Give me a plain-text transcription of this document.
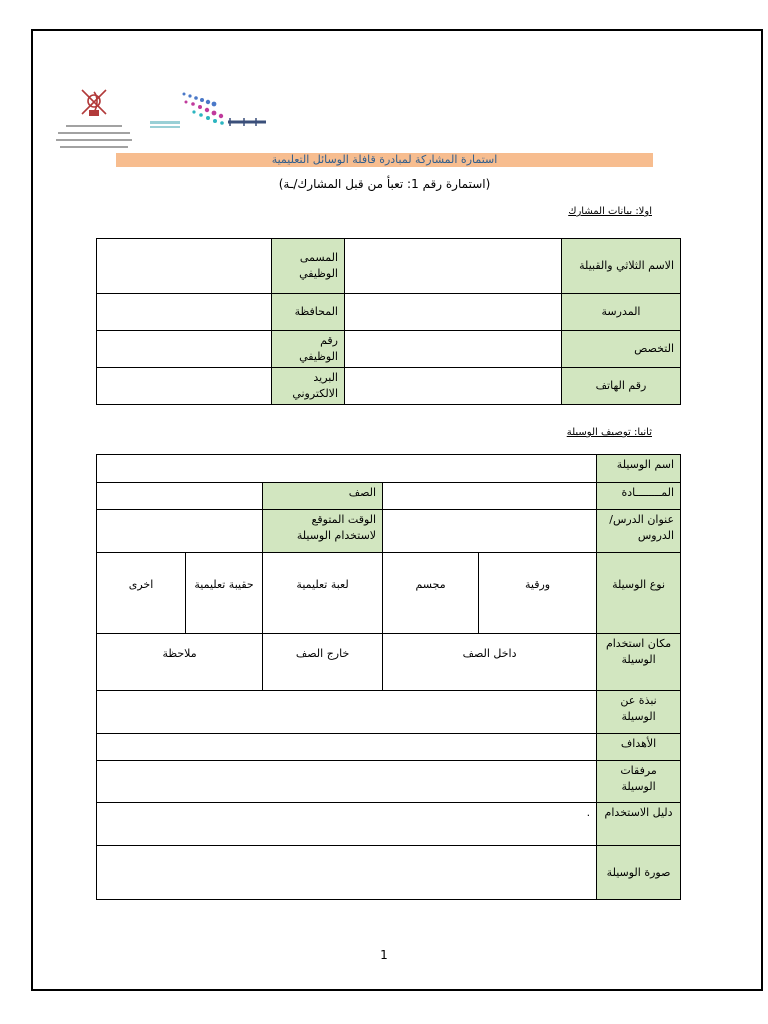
استمارة المشاركة لمبادرة قافلة الوسائل التعليمية
(استمارة رقم 1: تعبأ من قبل المشارك/ـة)
اولا: بيانات المشارك
الاسم الثلاثي والقبيلة		المسمى الوظيفي	
المدرسة		المحافظة	
التخصص		رقم الوظيفي	
رقم الهاتف		البريد الالكتروني	
ثانيا: توصيف الوسيلة
اسم الوسيلة					
المــــــــادة			الصف		
عنوان الدرس/ الدروس			الوقت المتوقع لاستخدام الوسيلة		
نوع الوسيلة	ورقية	مجسم	لعبة تعليمية	حقيبة تعليمية	اخرى
مكان استخدام الوسيلة	داخل الصف		خارج الصف	ملاحظة	
نبذة عن الوسيلة					
الأهداف					
مرفقات الوسيلة					
دليل الاستخدام	.				
صورة الوسيلة					
1
